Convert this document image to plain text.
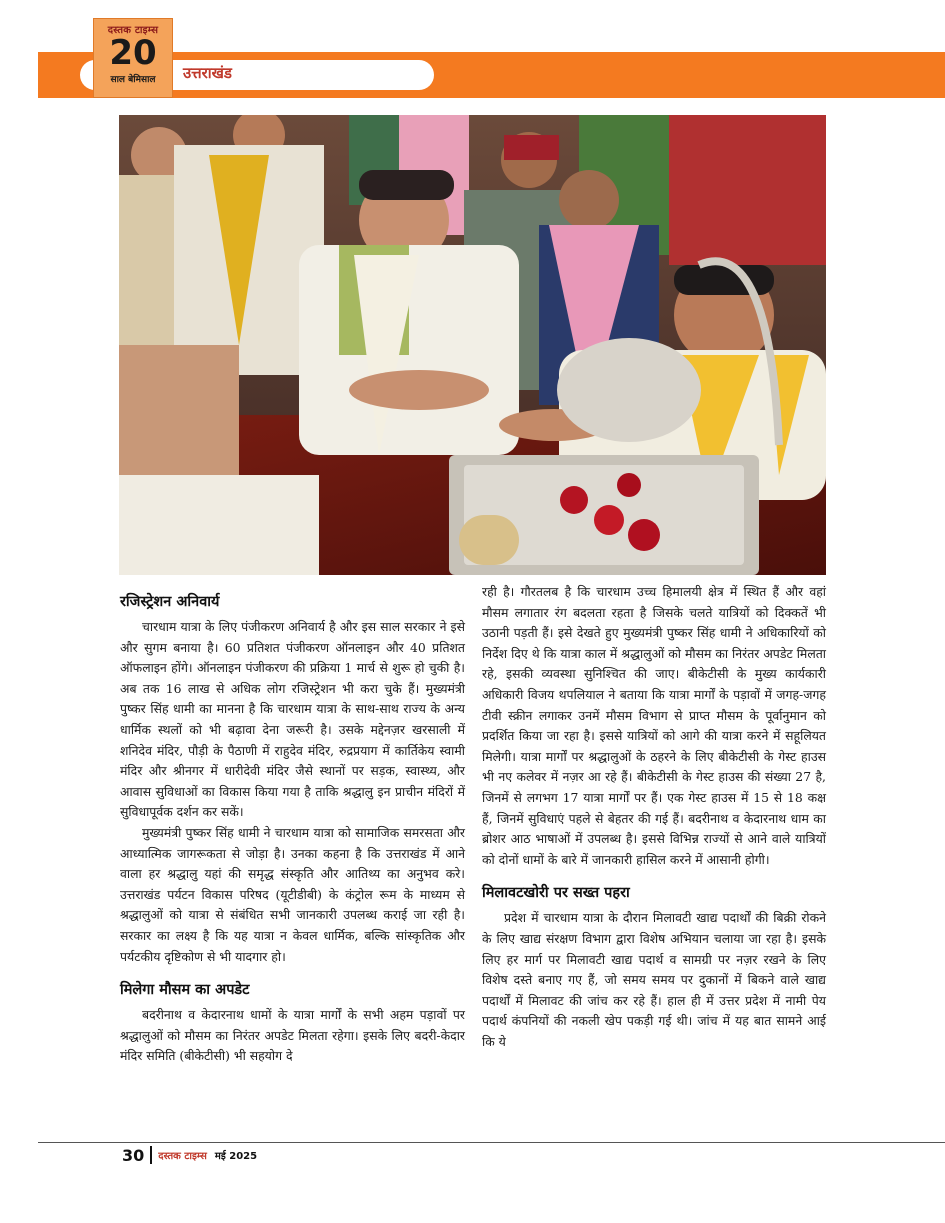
उत्तराखंड
दस्तक टाइम्स
20
साल बेमिसाल
रजिस्ट्रेशन अनिवार्य

चारधाम यात्रा के लिए पंजीकरण अनिवार्य है और इस साल सरकार ने इसे और सुगम बनाया है। 60 प्रतिशत पंजीकरण ऑनलाइन और 40 प्रतिशत ऑफलाइन होंगे। ऑनलाइन पंजीकरण की प्रक्रिया 1 मार्च से शुरू हो चुकी है। अब तक 16 लाख से अधिक लोग रजिस्ट्रेशन भी करा चुके हैं। मुख्यमंत्री पुष्कर सिंह धामी का मानना है कि चारधाम यात्रा के साथ-साथ राज्य के अन्य धार्मिक स्थलों को भी बढ़ावा देना जरूरी है। उसके मद्देनज़र खरसाली में शनिदेव मंदिर, पौड़ी के पैठाणी में राहुदेव मंदिर, रुद्रप्रयाग में कार्तिकेय स्वामी मंदिर और श्रीनगर में धारीदेवी मंदिर जैसे स्थानों पर सड़क, स्वास्थ्य, और आवास सुविधाओं का विकास किया गया है ताकि श्रद्धालु इन प्राचीन मंदिरों में सुविधापूर्वक दर्शन कर सकें।

मुख्यमंत्री पुष्कर सिंह धामी ने चारधाम यात्रा को सामाजिक समरसता और आध्यात्मिक जागरूकता से जोड़ा है। उनका कहना है कि उत्तराखंड में आने वाला हर श्रद्धालु यहां की समृद्ध संस्कृति और आतिथ्य का अनुभव करे। उत्तराखंड पर्यटन विकास परिषद (यूटीडीबी) के कंट्रोल रूम के माध्यम से श्रद्धालुओं को यात्रा से संबंधित सभी जानकारी उपलब्ध कराई जा रही है। सरकार का लक्ष्य है कि यह यात्रा न केवल धार्मिक, बल्कि सांस्कृतिक और पर्यटकीय दृष्टिकोण से भी यादगार हो।

मिलेगा मौसम का अपडेट

बदरीनाथ व केदारनाथ धामों के यात्रा मार्गों के सभी अहम पड़ावों पर श्रद्धालुओं को मौसम का निरंतर अपडेट मिलता रहेगा। इसके लिए बदरी-केदार मंदिर समिति (बीकेटीसी) भी सहयोग दे

रही है। गौरतलब है कि चारधाम उच्च हिमालयी क्षेत्र में स्थित हैं और वहां मौसम लगातार रंग बदलता रहता है जिसके चलते यात्रियों को दिक्कतें भी उठानी पड़ती हैं। इसे देखते हुए मुख्यमंत्री पुष्कर सिंह धामी ने अधिकारियों को निर्देश दिए थे कि यात्रा काल में श्रद्धालुओं को मौसम का निरंतर अपडेट मिलता रहे, इसकी व्यवस्था सुनिश्चित की जाए। बीकेटीसी के मुख्य कार्यकारी अधिकारी विजय थपलियाल ने बताया कि यात्रा मार्गों के पड़ावों में जगह-जगह टीवी स्क्रीन लगाकर उनमें मौसम विभाग से प्राप्त मौसम के पूर्वानुमान को प्रदर्शित किया जा रहा है। इससे यात्रियों को आगे की यात्रा करने में सहूलियत मिलेगी। यात्रा मार्गों पर श्रद्धालुओं के ठहरने के लिए बीकेटीसी के गेस्ट हाउस भी नए कलेवर में नज़र आ रहे हैं। बीकेटीसी के गेस्ट हाउस की संख्या 27 है, जिनमें से लगभग 17 यात्रा मार्गों पर हैं। एक गेस्ट हाउस में 15 से 18 कक्ष हैं, जिनमें सुविधाएं पहले से बेहतर की गई हैं। बदरीनाथ व केदारनाथ धाम का ब्रोशर आठ भाषाओं में उपलब्ध है। इससे विभिन्न राज्यों से आने वाले यात्रियों को दोनों धामों के बारे में जानकारी हासिल करने में आसानी होगी।

मिलावटखोरी पर सख्त पहरा

प्रदेश में चारधाम यात्रा के दौरान मिलावटी खाद्य पदार्थों की बिक्री रोकने के लिए खाद्य संरक्षण विभाग द्वारा विशेष अभियान चलाया जा रहा है। इसके लिए हर मार्ग पर मिलावटी खाद्य पदार्थ व सामग्री पर नज़र रखने के लिए विशेष दस्ते बनाए गए हैं, जो समय समय पर दुकानों में बिकने वाले खाद्य पदार्थों में मिलावट की जांच कर रहे हैं। हाल ही में उत्तर प्रदेश में नामी पेय पदार्थ कंपनियों की नकली खेप पकड़ी गई थी। जांच में यह बात सामने आई कि ये

30 दस्तक टाइम्स मई 2025
